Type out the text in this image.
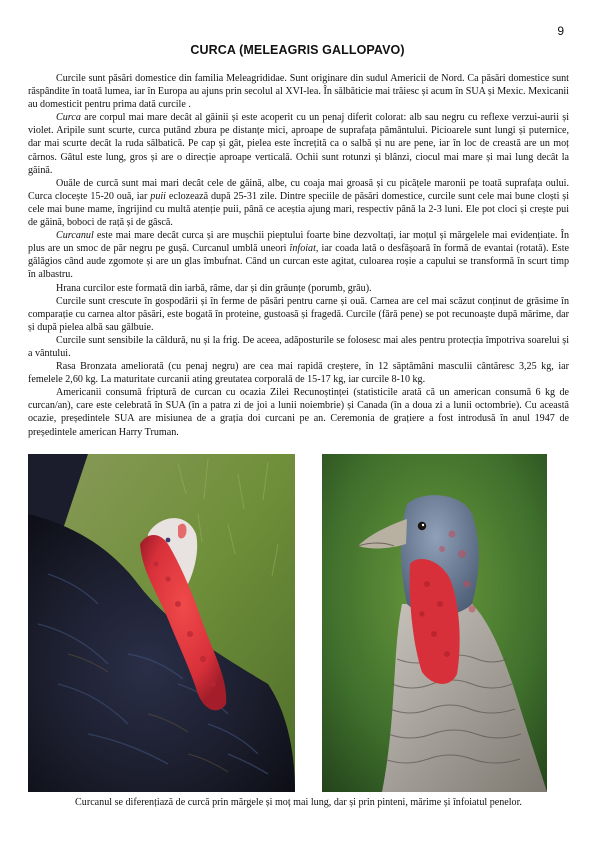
9
CURCA (MELEAGRIS GALLOPAVO)

Curcile sunt păsări domestice din familia Meleagrididae. Sunt originare din sudul Americii de Nord. Ca păsări domestice sunt răspândite în toată lumea, iar în Europa au ajuns prin secolul al XVI-lea. În sălbăticie mai trăiesc și acum în SUA și Mexic. Mexicanii au domesticit pentru prima dată curcile .

Curca are corpul mai mare decât al găinii și este acoperit cu un penaj diferit colorat: alb sau negru cu reflexe verzui-aurii și violet. Aripile sunt scurte, curca putând zbura pe distanțe mici, aproape de suprafața pământului. Picioarele sunt lungi și puternice, dar mai scurte decât la ruda sălbatică. Pe cap și gât, pielea este încrețită ca o salbă și nu are pene, iar în loc de creastă are un moț cărnos. Gâtul este lung, gros și are o direcție aproape verticală. Ochii sunt rotunzi și blânzi, ciocul mai mare și mai lung decât la găină.

Ouăle de curcă sunt mai mari decât cele de găină, albe, cu coaja mai groasă și cu picățele maronii pe toată suprafața oului. Curca clocește 15-20 ouă, iar puii eclozează după 25-31 zile. Dintre speciile de păsări domestice, curcile sunt cele mai bune cloști și cele mai bune mame, îngrijind cu multă atenție puii, până ce aceștia ajung mari, respectiv până la 2-3 luni. Ele pot cloci și crește pui de găină, boboci de rață și de gâscă.

Curcanul este mai mare decât curca și are mușchii pieptului foarte bine dezvoltați, iar moțul și mărgelele mai evidențiate. În plus are un smoc de păr negru pe gușă. Curcanul umblă uneori înfoiat, iar coada lată o desfășoară în formă de evantai (rotată). Este gălăgios când aude zgomote și are un glas îmbufnat. Când un curcan este agitat, culoarea roșie a capului se transformă în scurt timp în albastru.

Hrana curcilor este formată din iarbă, râme, dar și din grăunțe (porumb, grâu).

Curcile sunt crescute în gospodării și în ferme de păsări pentru carne și ouă. Carnea are cel mai scăzut conținut de grăsime în comparație cu carnea altor păsări, este bogată în proteine, gustoasă și fragedă. Curcile (fără pene) se pot recunoaște după mărime, dar și după pielea albă sau gălbuie.

Curcile sunt sensibile la căldură, nu și la frig. De aceea, adăposturile se folosesc mai ales pentru protecția împotriva soarelui și a vântului.

Rasa Bronzata ameliorată (cu penaj negru) are cea mai rapidă creștere, în 12 săptămâni masculii cântăresc 3,25 kg, iar femelele 2,60 kg. La maturitate curcanii ating greutatea corporală de 15-17 kg, iar curcile 8-10 kg.

Americanii consumă friptură de curcan cu ocazia Zilei Recunoștinței (statisticile arată că un american consumă 6 kg de curcan/an), care este celebrată în SUA (în a patra zi de joi a lunii noiembrie) și Canada (în a doua zi a lunii octombrie). Cu această ocazie, președintele SUA are misiunea de a grația doi curcani pe an. Ceremonia de grațiere a fost introdusă în anul 1947 de președintele american Harry Truman.

Curcanul se diferențiază de curcă prin mărgele și moț mai lung, dar și prin pinteni, mărime și înfoiatul penelor.
